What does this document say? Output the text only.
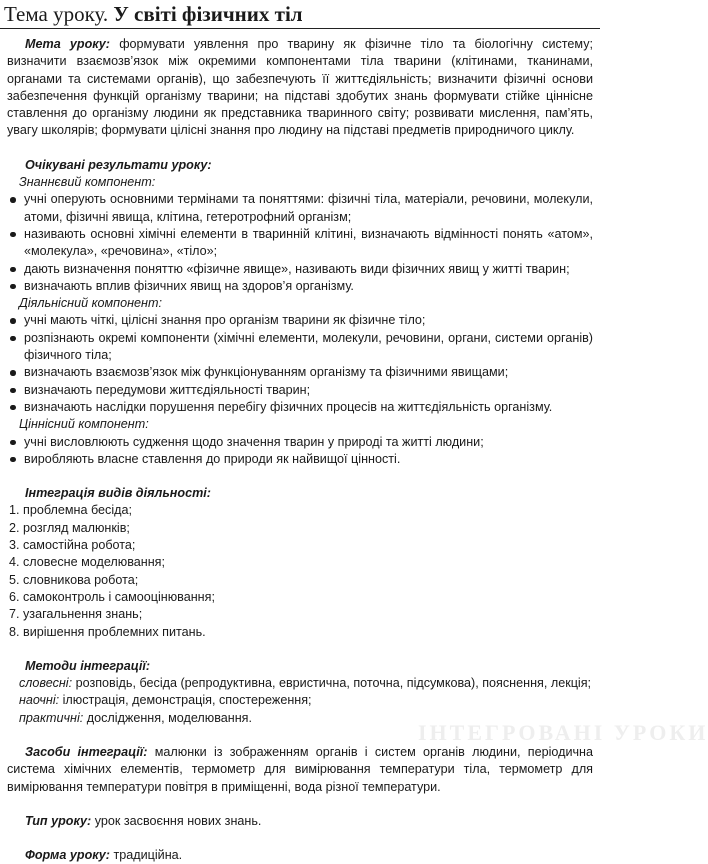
ІНТЕГРОВАНІ УРОКИ
Тема уроку. У світі фізичних тіл

Мета уроку: формувати уявлення про тварину як фізичне тіло та біологічну систему; визначити взаємозв’язок між окремими компонентами тіла тварини (клітинами, тканинами, органами та системами органів), що забезпечують її життєдіяльність; визначити фізичні основи забезпечення функцій організму тварини; на підставі здобутих знань формувати стійке ціннісне ставлення до організму людини як представника тваринного світу; розвивати мислення, пам’ять, увагу школярів; формувати цілісні знання про людину на підставі предметів природничого циклу.

Очікувані результати уроку:
Знаннєвий компонент:
учні оперують основними термінами та поняттями: фізичні тіла, матеріали, речовини, молекули, атоми, фізичні явища, клітина, гетеротрофний організм;
називають основні хімічні елементи в тваринній клітині, визначають відмінності понять «атом», «молекула», «речовина», «тіло»;
дають визначення поняттю «фізичне явище», називають види фізичних явищ у житті тварин;
визначають вплив фізичних явищ на здоров’я організму.
Діяльнісний компонент:
учні мають чіткі, цілісні знання про організм тварини як фізичне тіло;
розпізнають окремі компоненти (хімічні елементи, молекули, речовини, органи, системи органів) фізичного тіла;
визначають взаємозв’язок між функціонуванням організму та фізичними явищами;
визначають передумови життєдіяльності тварин;
визначають наслідки порушення перебігу фізичних процесів на життєдіяльність організму.
Ціннісний компонент:
учні висловлюють судження щодо значення тварин у природі та житті людини;
виробляють власне ставлення до природи як найвищої цінності.
Інтеграція видів діяльності:
1. проблемна бесіда;
2. розгляд малюнків;
3. самостійна робота;
4. словесне моделювання;
5. словникова робота;
6. самоконтроль і самооцінювання;
7. узагальнення знань;
8. вирішення проблемних питань.
Методи інтеграції:

словесні: розповідь, бесіда (репродуктивна, евристична, поточна, підсумкова), пояснення, лекція;

наочні: ілюстрація, демонстрація, спостереження;

практичні: дослідження, моделювання.

Засоби інтеграції: малюнки із зображенням органів і систем органів людини, періодична система хімічних елементів, термометр для вимірювання температури тіла, термометр для вимірювання температури повітря в приміщенні, вода різної температури.

Тип уроку: урок засвоєння нових знань.

Форма уроку: традиційна.
